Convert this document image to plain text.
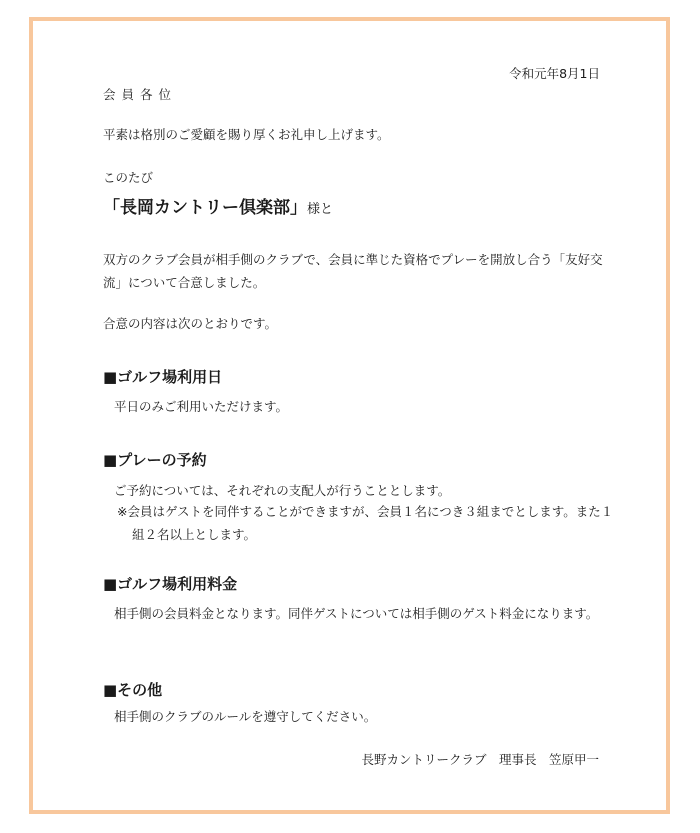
令和元年8月1日

会員各位

平素は格別のご愛顧を賜り厚くお礼申し上げます。

このたび

「長岡カントリー倶楽部」様と

双方のクラブ会員が相手側のクラブで、会員に準じた資格でプレーを開放し合う「友好交流」について合意しました。

合意の内容は次のとおりです。

■ゴルフ場利用日

平日のみご利用いただけます。

■プレーの予約

ご予約については、それぞれの支配人が行うこととします。

※会員はゲストを同伴することができますが、会員１名につき３組までとします。また１組２名以上とします。

■ゴルフ場利用料金

相手側の会員料金となります。同伴ゲストについては相手側のゲスト料金になります。

■その他

相手側のクラブのルールを遵守してください。

長野カントリークラブ　理事長　笠原甲一
